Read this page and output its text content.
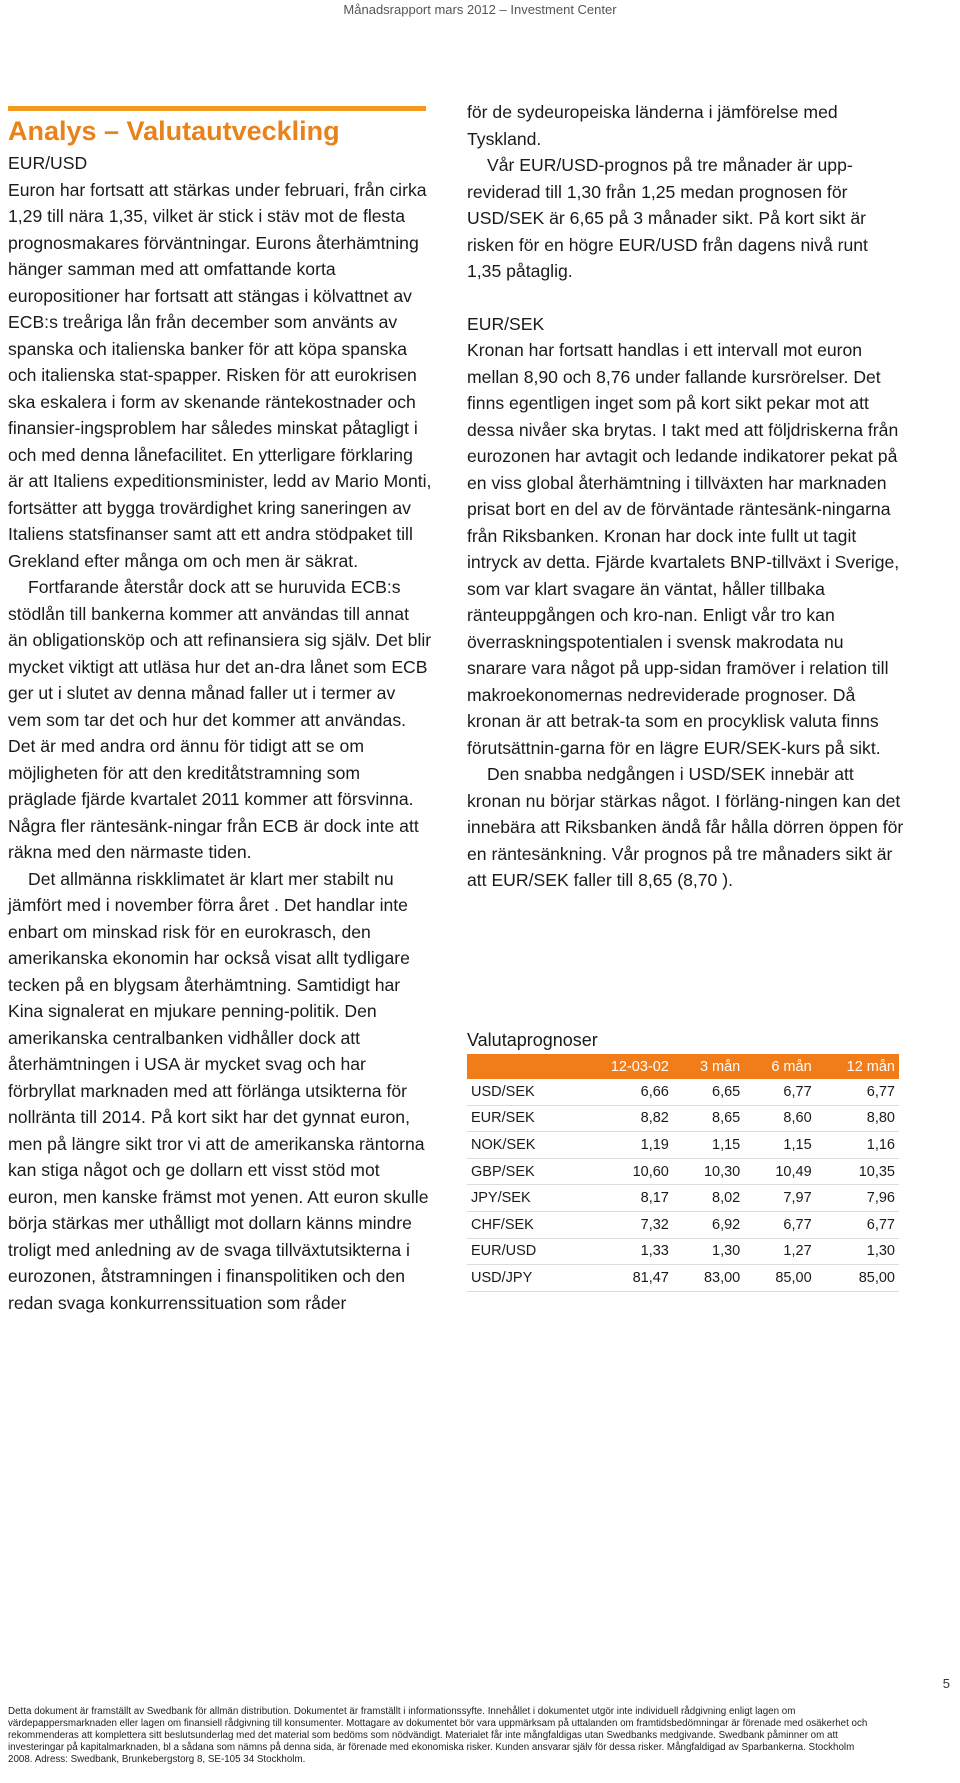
Månadsrapport mars 2012 – Investment Center
Analys – Valutautveckling

EUR/USD

Euron har fortsatt att stärkas under februari, från cirka 1,29 till nära 1,35, vilket är stick i stäv mot de flesta prognosmakares förväntningar. Eurons återhämtning hänger samman med att omfattande korta europositioner har fortsatt att stängas i kölvattnet av ECB:s treåriga lån från december som använts av spanska och italienska banker för att köpa spanska och italienska stat-spapper. Risken för att eurokrisen ska eskalera i form av skenande räntekostnader och finansier-ingsproblem har således minskat påtagligt i och med denna lånefacilitet. En ytterligare förklaring är att Italiens expeditionsminister, ledd av Mario Monti, fortsätter att bygga trovärdighet kring saneringen av Italiens statsfinanser samt att ett andra stödpaket till Grekland efter många om och men är säkrat.

Fortfarande återstår dock att se huruvida ECB:s stödlån till bankerna kommer att användas till annat än obligationsköp och att refinansiera sig själv. Det blir mycket viktigt att utläsa hur det an-dra lånet som ECB ger ut i slutet av denna månad faller ut i termer av vem som tar det och hur det kommer att användas. Det är med andra ord ännu för tidigt att se om möjligheten för att den kreditåtstramning som präglade fjärde kvartalet 2011 kommer att försvinna. Några fler räntesänk-ningar från ECB är dock inte att räkna med den närmaste tiden.

Det allmänna riskklimatet är klart mer stabilt nu jämfört med i november förra året . Det handlar inte enbart om minskad risk för en eurokrasch, den amerikanska ekonomin har också visat allt tydligare tecken på en blygsam återhämtning. Samtidigt har Kina signalerat en mjukare penning-politik. Den amerikanska centralbanken vidhåller dock att återhämtningen i USA är mycket svag och har förbryllat marknaden med att förlänga utsikterna för nollränta till 2014. På kort sikt har det gynnat euron, men på längre sikt tror vi att de amerikanska räntorna kan stiga något och ge dollarn ett visst stöd mot euron, men kanske främst mot yenen. Att euron skulle börja stärkas mer uthålligt mot dollarn känns mindre troligt med anledning av de svaga tillväxtutsikterna i eurozonen, åtstramningen i finanspolitiken och den redan svaga konkurrenssituation som råder

för de sydeuropeiska länderna i jämförelse med Tyskland.

Vår EUR/USD-prognos på tre månader är upp-reviderad till 1,30 från 1,25 medan prognosen för USD/SEK är 6,65 på 3 månader sikt. På kort sikt är risken för en högre EUR/USD från dagens nivå runt 1,35 påtaglig.

EUR/SEK

Kronan har fortsatt handlas i ett intervall mot euron mellan 8,90 och 8,76 under fallande kursrörelser. Det finns egentligen inget som på kort sikt pekar mot att dessa nivåer ska brytas. I takt med att följdriskerna från eurozonen har avtagit och ledande indikatorer pekat på en viss global återhämtning i tillväxten har marknaden prisat bort en del av de förväntade räntesänk-ningarna från Riksbanken. Kronan har dock inte fullt ut tagit intryck av detta. Fjärde kvartalets BNP-tillväxt i Sverige, som var klart svagare än väntat, håller tillbaka ränteuppgången och kro-nan. Enligt vår tro kan överraskningspotentialen i svensk makrodata nu snarare vara något på upp-sidan framöver i relation till makroekonomernas nedreviderade prognoser. Då kronan är att betrak-ta som en procyklisk valuta finns förutsättnin-garna för en lägre EUR/SEK-kurs på sikt.

Den snabba nedgången i USD/SEK innebär att kronan nu börjar stärkas något. I förläng-ningen kan det innebära att Riksbanken ändå får hålla dörren öppen för en räntesänkning. Vår prognos på tre månaders sikt är att EUR/SEK faller till 8,65 (8,70 ).

Valutaprognoser
	12-03-02	3 mån	6 mån	12 mån
USD/SEK	6,66	6,65	6,77	6,77
EUR/SEK	8,82	8,65	8,60	8,80
NOK/SEK	1,19	1,15	1,15	1,16
GBP/SEK	10,60	10,30	10,49	10,35
JPY/SEK	8,17	8,02	7,97	7,96
CHF/SEK	7,32	6,92	6,77	6,77
EUR/USD	1,33	1,30	1,27	1,30
USD/JPY	81,47	83,00	85,00	85,00
5
Detta dokument är framställt av Swedbank för allmän distribution. Dokumentet är framställt i informationssyfte. Innehållet i dokumentet utgör inte individuell rådgivning enligt lagen om värdepappersmarknaden eller lagen om finansiell rådgivning till konsumenter. Mottagare av dokumentet bör vara uppmärksam på uttalanden om framtidsbedömningar är förenade med osäkerhet och rekommenderas att komplettera sitt beslutsunderlag med det material som bedöms som nödvändigt. Materialet får inte mångfaldigas utan Swedbanks medgivande. Swedbank påminner om att investeringar på kapitalmarknaden, bl a sådana som nämns på denna sida, är förenade med ekonomiska risker. Kunden ansvarar själv för dessa risker. Mångfaldigad av Sparbankerna. Stockholm 2008. Adress: Swedbank, Brunkebergstorg 8, SE-105 34 Stockholm.
